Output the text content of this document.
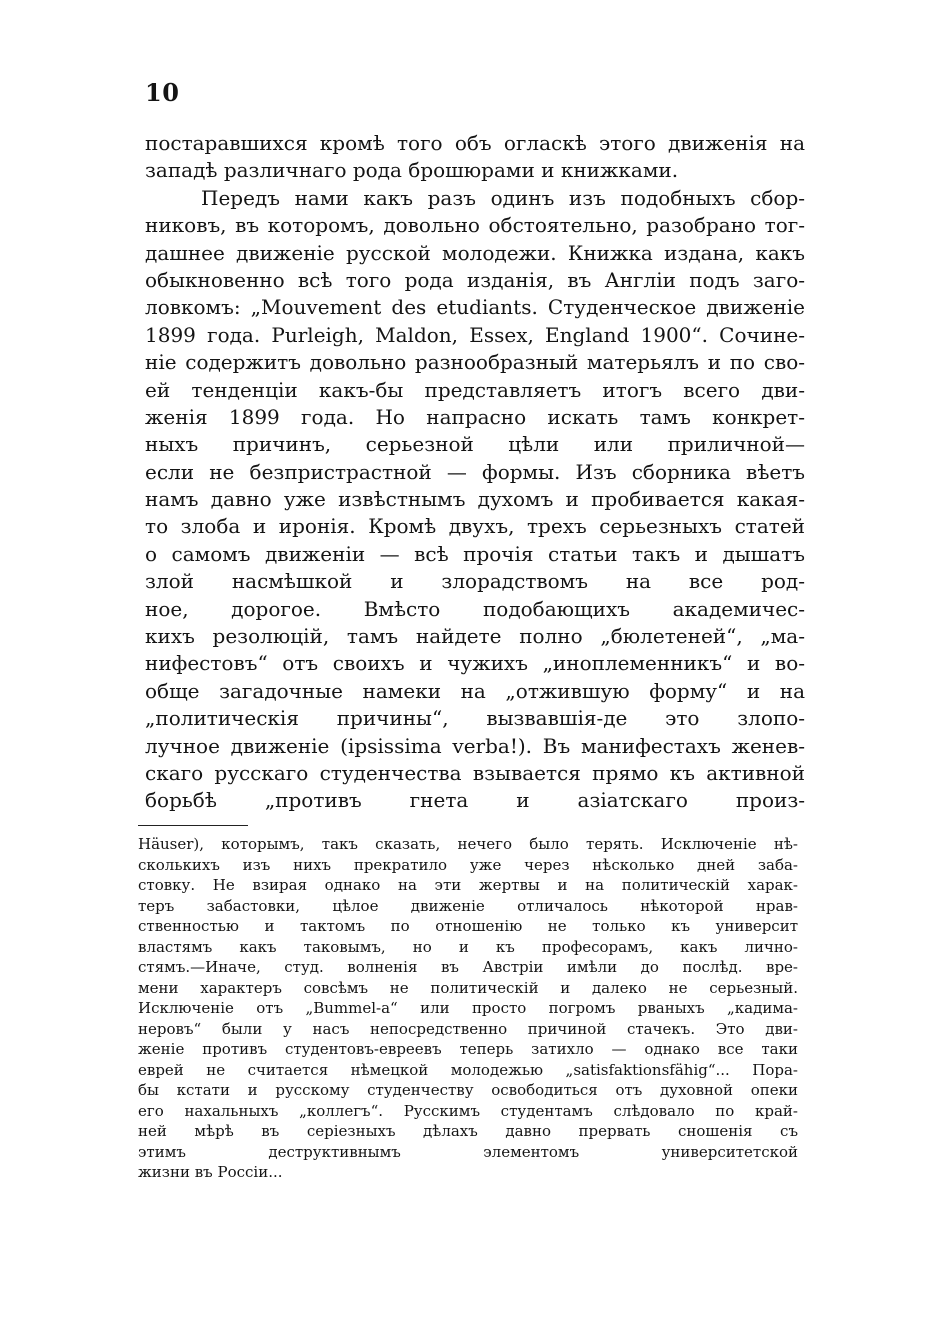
10
постаравшихся кромѣ того объ огласкѣ этого движенія на
западѣ различнаго рода брошюрами и книжками.
Передъ нами какъ разъ одинъ изъ подобныхъ сбор-
никовъ, въ которомъ, довольно обстоятельно, разобрано тог-
дашнее движеніе русской молодежи. Книжка издана, какъ
обыкновенно всѣ того рода изданія, въ Англіи подъ заго-
ловкомъ: „Mouvement des etudiants. Студенческое движеніе
1899 года. Purleigh, Maldon, Essex, England 1900“. Сочине-
ніе содержитъ довольно разнообразный матерьялъ и по сво-
ей тенденціи какъ-бы представляетъ итогъ всего дви-
женія 1899 года. Но напрасно искать тамъ конкрет-
ныхъ причинъ, серьезной цѣли или приличной—
если не безпристрастной — формы. Изъ сборника вѣетъ
намъ давно уже извѣстнымъ духомъ и пробивается какая-
то злоба и иронія. Кромѣ двухъ, трехъ серьезныхъ статей
о самомъ движеніи — всѣ прочія статьи такъ и дышатъ
злой насмѣшкой и злорадствомъ на все род-
ное, дорогое. Вмѣсто подобающихъ академичес-
кихъ резолюцій, тамъ найдете полно „бюлетеней“, „ма-
нифестовъ“ отъ своихъ и чужихъ „иноплеменникъ“ и во-
обще загадочные намеки на „отжившую форму“ и на
„политическія причины“, вызвавшія-де это злопо-
лучное движеніе (ipsissima verba!). Въ манифестахъ женев-
скаго русскаго студенчества взывается прямо къ активной
борьбѣ „противъ гнета и азіатскаго произ-
Häuser), которымъ, такъ сказать, нечего было терять. Исключеніе нѣ-
сколькихъ изъ нихъ прекратило уже через нѣсколько дней заба-
стовку. Не взирая однако на эти жертвы и на политическій харак-
теръ забастовки, цѣлое движеніе отличалось нѣкоторой нрав-
ственностью и тактомъ по отношенію не только къ университ
властямъ какъ таковымъ, но и къ професорамъ, какъ лично-
стямъ.—Иначе, студ. волненія въ Австріи имѣли до послѣд. вре-
мени характеръ совсѣмъ не политическій и далеко не серьезный.
Исключеніе отъ „Bummel-а“ или просто погромъ рваныхъ „кадима-
неровъ“ были у насъ непосредственно причиной стачекъ. Это дви-
женіе противъ студентовъ-евреевъ теперь затихло — однако все таки
еврей не считается нѣмецкой молодежью „satisfaktionsfähig“... Пора-
бы кстати и русскому студенчеству освободиться отъ духовной опеки
его нахальныхъ „коллегъ“. Русскимъ студентамъ слѣдовало по край-
ней мѣрѣ въ серіезныхъ дѣлахъ давно прервать сношенія съ
этимъ деструктивнымъ элементомъ университетской
жизни въ Россіи...
